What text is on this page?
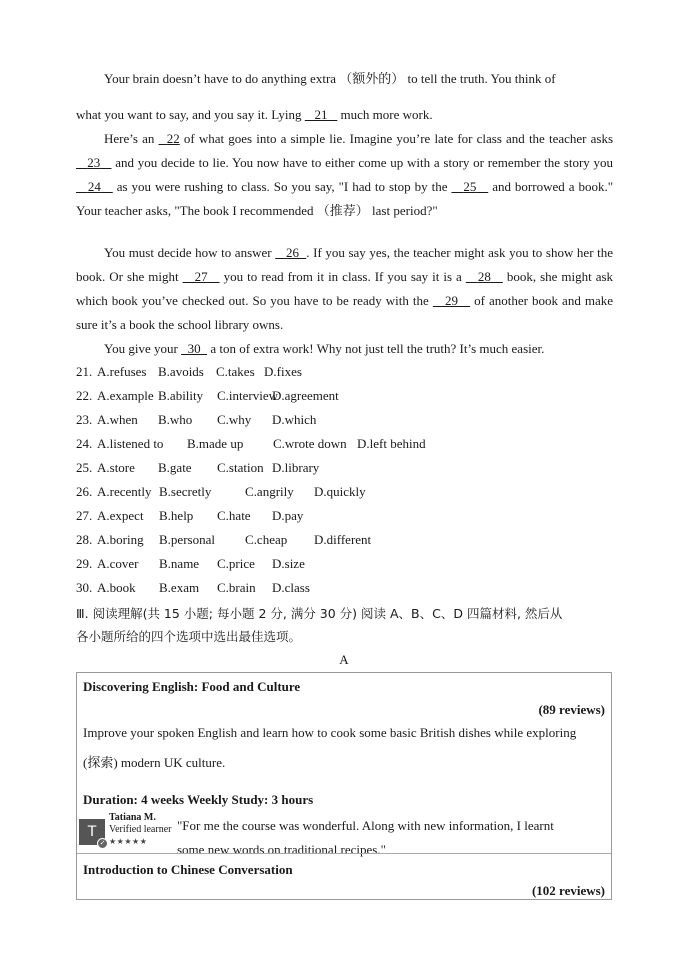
Your brain doesn’t have to do anything extra （额外的） to tell the truth. You think of
what you want to say, and you say it. Lying    21    much more work.
Here’s an   22 of what goes into a simple lie. Imagine you’re late for class and the teacher asks    23    and you decide to lie. You now have to either come up with a story or remember the story you    24    as you were rushing to class. So you say, "I had to stop by the    25    and borrowed a book." Your teacher asks, "The book I recommended （推荐） last period?"
You must decide how to answer    26 . If you say yes, the teacher might ask you to show her the book. Or she might    27    you to read from it in class. If you say it is a    28    book, she might ask which book you’ve checked out. So you have to be ready with the    29    of another book and make sure it’s a book the school library owns.
You give your   30   a ton of extra work! Why not just tell the truth? It’s much easier.
21. A.refuses B.avoids C.takes D.fixes
22. A.example B.ability C.interview
D.agreement
23. A.when B.who C.why D.which
24. A.listened to B.made up C.wrote down D.left behind
25. A.store B.gate C.station D.library
26. A.recently B.secretly	C.angrily D.quickly
27. A.expect B.help C.hate D.pay
28. A.boring B.personal C.cheap D.different
29. A.cover B.name C.price D.size
30. A.book B.exam C.brain D.class
Ⅲ. 阅读理解(共 15 小题; 每小题 2 分, 满分 30 分) 阅读 A、B、C、D 四篇材料, 然后从
各小题所给的四个选项中选出最佳选项。
A
Discovering English: Food and Culture
(89 reviews)
Improve your spoken English and learn how to cook some basic British dishes while exploring
(探索) modern UK culture.
Duration: 4 weeks Weekly Study: 3 hours
T
✓
Tatiana M.
Verified learner
★★★★★
"For me the course was wonderful. Along with new information, I learnt
some new words on traditional recipes."
Introduction to Chinese Conversation
(102 reviews)
